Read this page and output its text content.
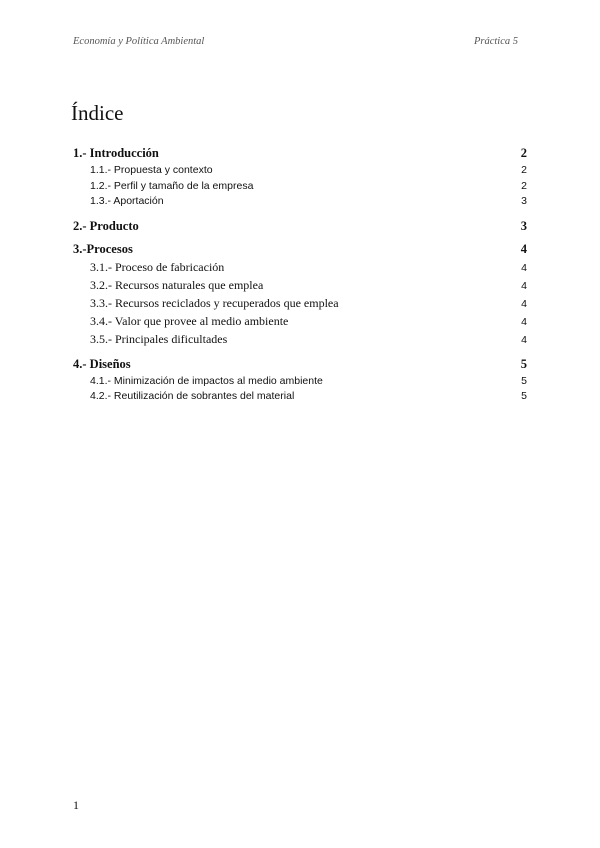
Economía y Política Ambiental	Práctica 5
Índice
1.- Introducción	2
1.1.- Propuesta y contexto	2
1.2.- Perfil y tamaño de la empresa	2
1.3.- Aportación	3
2.- Producto	3
3.-Procesos	4
3.1.- Proceso de fabricación	4
3.2.- Recursos naturales que emplea	4
3.3.- Recursos reciclados y recuperados que emplea	4
3.4.- Valor que provee al medio ambiente	4
3.5.- Principales dificultades	4
4.- Diseños	5
4.1.- Minimización de impactos al medio ambiente	5
4.2.- Reutilización de sobrantes del material	5
1
